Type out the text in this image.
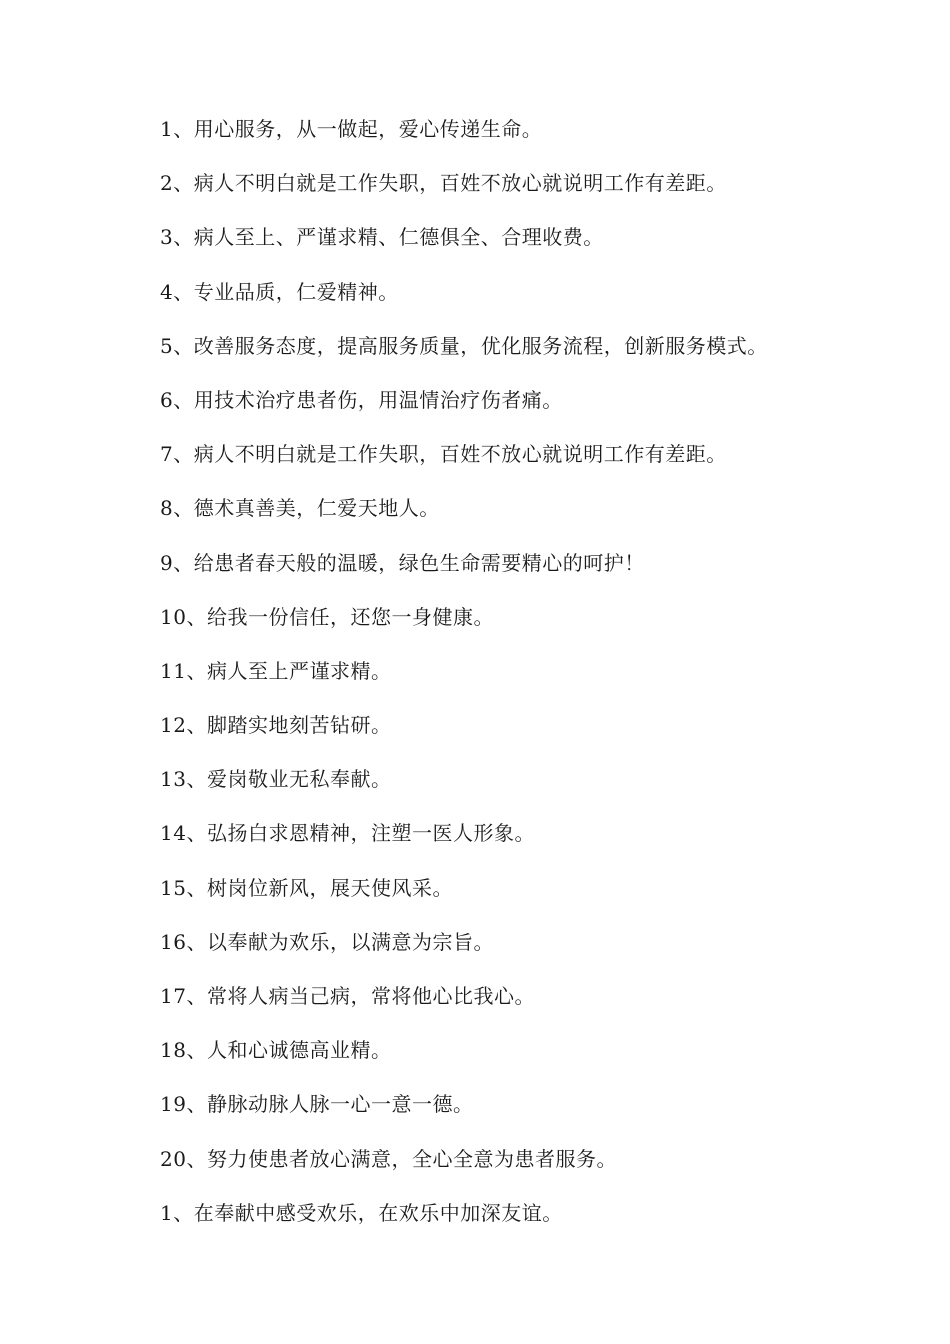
1、用心服务，从一做起，爱心传递生命。
2、病人不明白就是工作失职，百姓不放心就说明工作有差距。
3、病人至上、严谨求精、仁德俱全、合理收费。
4、专业品质，仁爱精神。
5、改善服务态度，提高服务质量，优化服务流程，创新服务模式。
6、用技术治疗患者伤，用温情治疗伤者痛。
7、病人不明白就是工作失职，百姓不放心就说明工作有差距。
8、德术真善美，仁爱天地人。
9、给患者春天般的温暖，绿色生命需要精心的呵护！
10、给我一份信任，还您一身健康。
11、病人至上严谨求精。
12、脚踏实地刻苦钻研。
13、爱岗敬业无私奉献。
14、弘扬白求恩精神，注塑一医人形象。
15、树岗位新风，展天使风采。
16、以奉献为欢乐，以满意为宗旨。
17、常将人病当己病，常将他心比我心。
18、人和心诚德高业精。
19、静脉动脉人脉一心一意一德。
20、努力使患者放心满意，全心全意为患者服务。
1、在奉献中感受欢乐，在欢乐中加深友谊。
